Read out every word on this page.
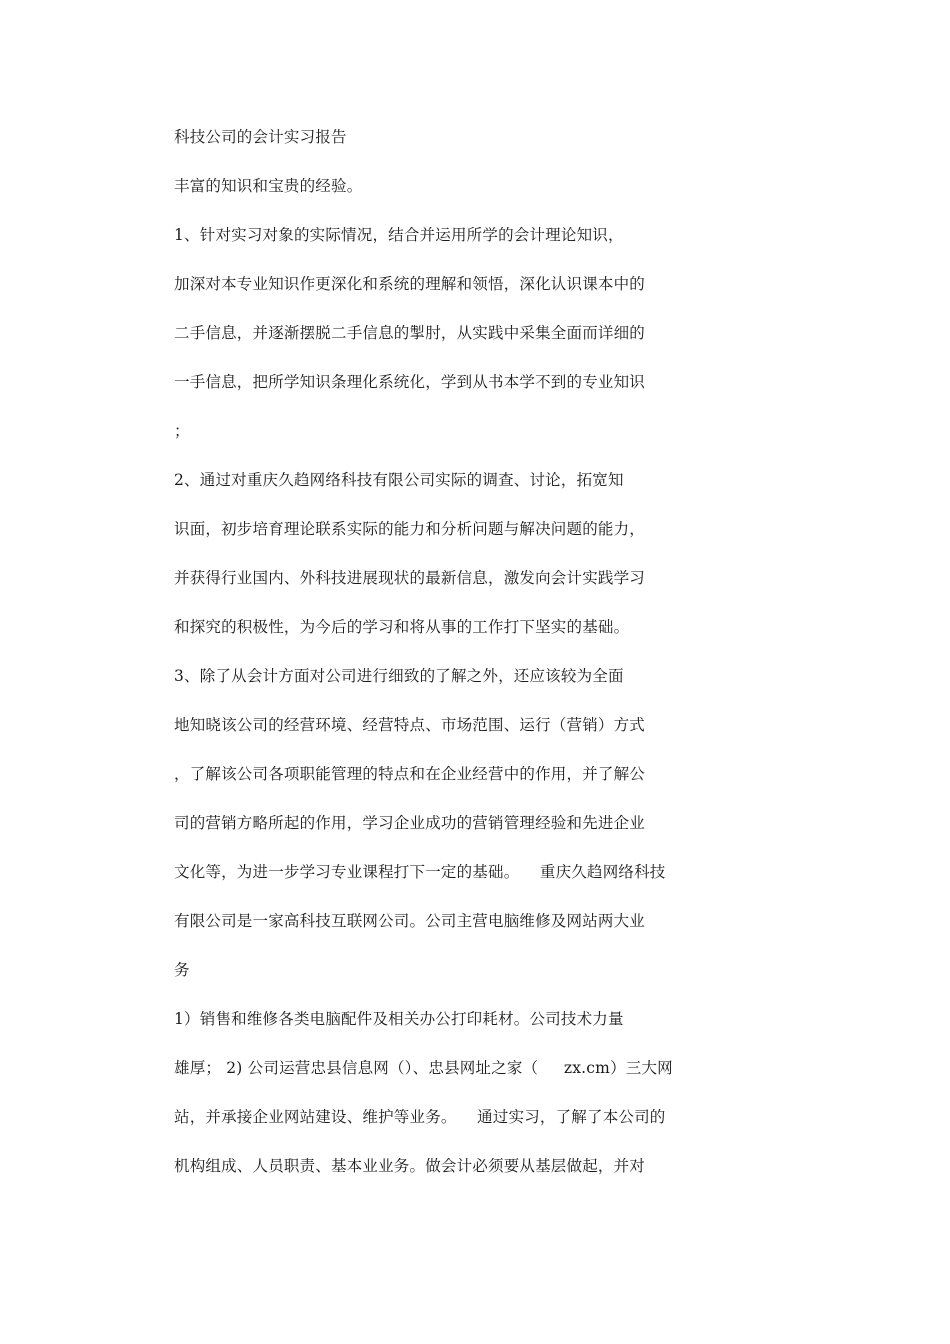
科技公司的会计实习报告
丰富的知识和宝贵的经验。
1、针对实习对象的实际情况，结合并运用所学的会计理论知识，
加深对本专业知识作更深化和系统的理解和领悟，深化认识课本中的
二手信息，并逐渐摆脱二手信息的掣肘，从实践中采集全面而详细的
一手信息，把所学知识条理化系统化，学到从书本学不到的专业知识
；
2、通过对重庆久趋网络科技有限公司实际的调查、讨论，拓宽知
识面，初步培育理论联系实际的能力和分析问题与解决问题的能力，
并获得行业国内、外科技进展现状的最新信息，激发向会计实践学习
和探究的积极性，为今后的学习和将从事的工作打下坚实的基础。
3、除了从会计方面对公司进行细致的了解之外，还应该较为全面
地知晓该公司的经营环境、经营特点、市场范围、运行（营销）方式
，了解该公司各项职能管理的特点和在企业经营中的作用，并了解公
司的营销方略所起的作用，学习企业成功的营销管理经验和先进企业
文化等，为进一步学习专业课程打下一定的基础。    重庆久趋网络科技
有限公司是一家高科技互联网公司。公司主营电脑维修及网站两大业
务
1）销售和维修各类电脑配件及相关办公打印耗材。公司技术力量
雄厚； 2) 公司运营忠县信息网（）、忠县网址之家（     zx.cm）三大网
站，并承接企业网站建设、维护等业务。    通过实习，了解了本公司的
机构组成、人员职责、基本业业务。做会计必须要从基层做起，并对
